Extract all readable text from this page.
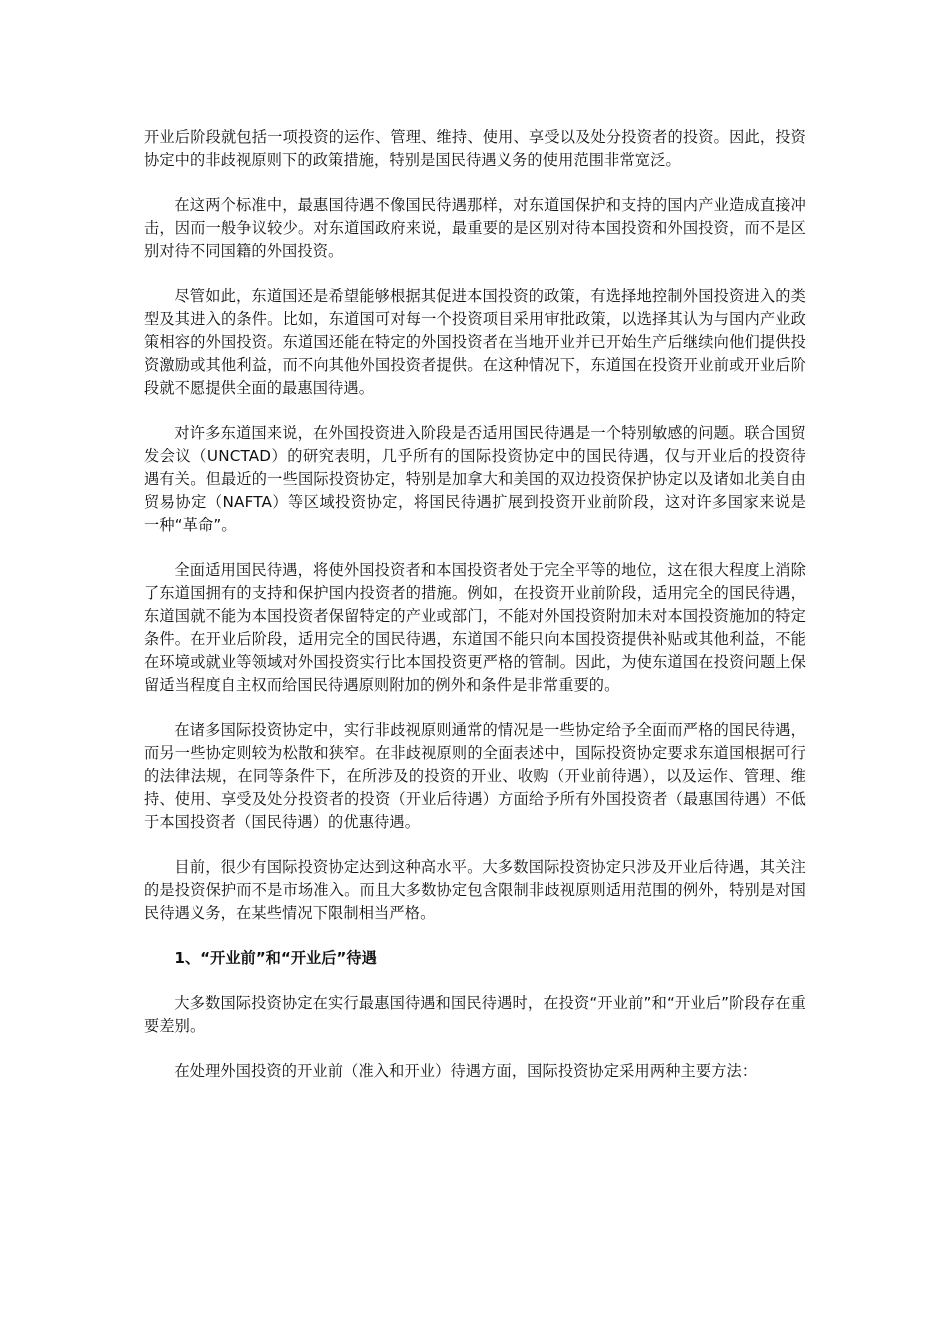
开业后阶段就包括一项投资的运作、管理、维持、使用、享受以及处分投资者的投资。因此，投资协定中的非歧视原则下的政策措施，特别是国民待遇义务的使用范围非常宽泛。

在这两个标准中，最惠国待遇不像国民待遇那样，对东道国保护和支持的国内产业造成直接冲击，因而一般争议较少。对东道国政府来说，最重要的是区别对待本国投资和外国投资，而不是区别对待不同国籍的外国投资。

尽管如此，东道国还是希望能够根据其促进本国投资的政策，有选择地控制外国投资进入的类型及其进入的条件。比如，东道国可对每一个投资项目采用审批政策，以选择其认为与国内产业政策相容的外国投资。东道国还能在特定的外国投资者在当地开业并已开始生产后继续向他们提供投资激励或其他利益，而不向其他外国投资者提供。在这种情况下，东道国在投资开业前或开业后阶段就不愿提供全面的最惠国待遇。

对许多东道国来说，在外国投资进入阶段是否适用国民待遇是一个特别敏感的问题。联合国贸发会议（UNCTAD）的研究表明，几乎所有的国际投资协定中的国民待遇，仅与开业后的投资待遇有关。但最近的一些国际投资协定，特别是加拿大和美国的双边投资保护协定以及诸如北美自由贸易协定（NAFTA）等区域投资协定，将国民待遇扩展到投资开业前阶段，这对许多国家来说是一种“革命”。

全面适用国民待遇，将使外国投资者和本国投资者处于完全平等的地位，这在很大程度上消除了东道国拥有的支持和保护国内投资者的措施。例如，在投资开业前阶段，适用完全的国民待遇，东道国就不能为本国投资者保留特定的产业或部门，不能对外国投资附加未对本国投资施加的特定条件。在开业后阶段，适用完全的国民待遇，东道国不能只向本国投资提供补贴或其他利益，不能在环境或就业等领域对外国投资实行比本国投资更严格的管制。因此，为使东道国在投资问题上保留适当程度自主权而给国民待遇原则附加的例外和条件是非常重要的。

在诸多国际投资协定中，实行非歧视原则通常的情况是一些协定给予全面而严格的国民待遇，而另一些协定则较为松散和狭窄。在非歧视原则的全面表述中，国际投资协定要求东道国根据可行的法律法规，在同等条件下，在所涉及的投资的开业、收购（开业前待遇），以及运作、管理、维持、使用、享受及处分投资者的投资（开业后待遇）方面给予所有外国投资者（最惠国待遇）不低于本国投资者（国民待遇）的优惠待遇。

目前，很少有国际投资协定达到这种高水平。大多数国际投资协定只涉及开业后待遇，其关注的是投资保护而不是市场准入。而且大多数协定包含限制非歧视原则适用范围的例外，特别是对国民待遇义务，在某些情况下限制相当严格。

1、“开业前”和“开业后”待遇

大多数国际投资协定在实行最惠国待遇和国民待遇时，在投资“开业前”和“开业后”阶段存在重要差别。

在处理外国投资的开业前（准入和开业）待遇方面，国际投资协定采用两种主要方法：
